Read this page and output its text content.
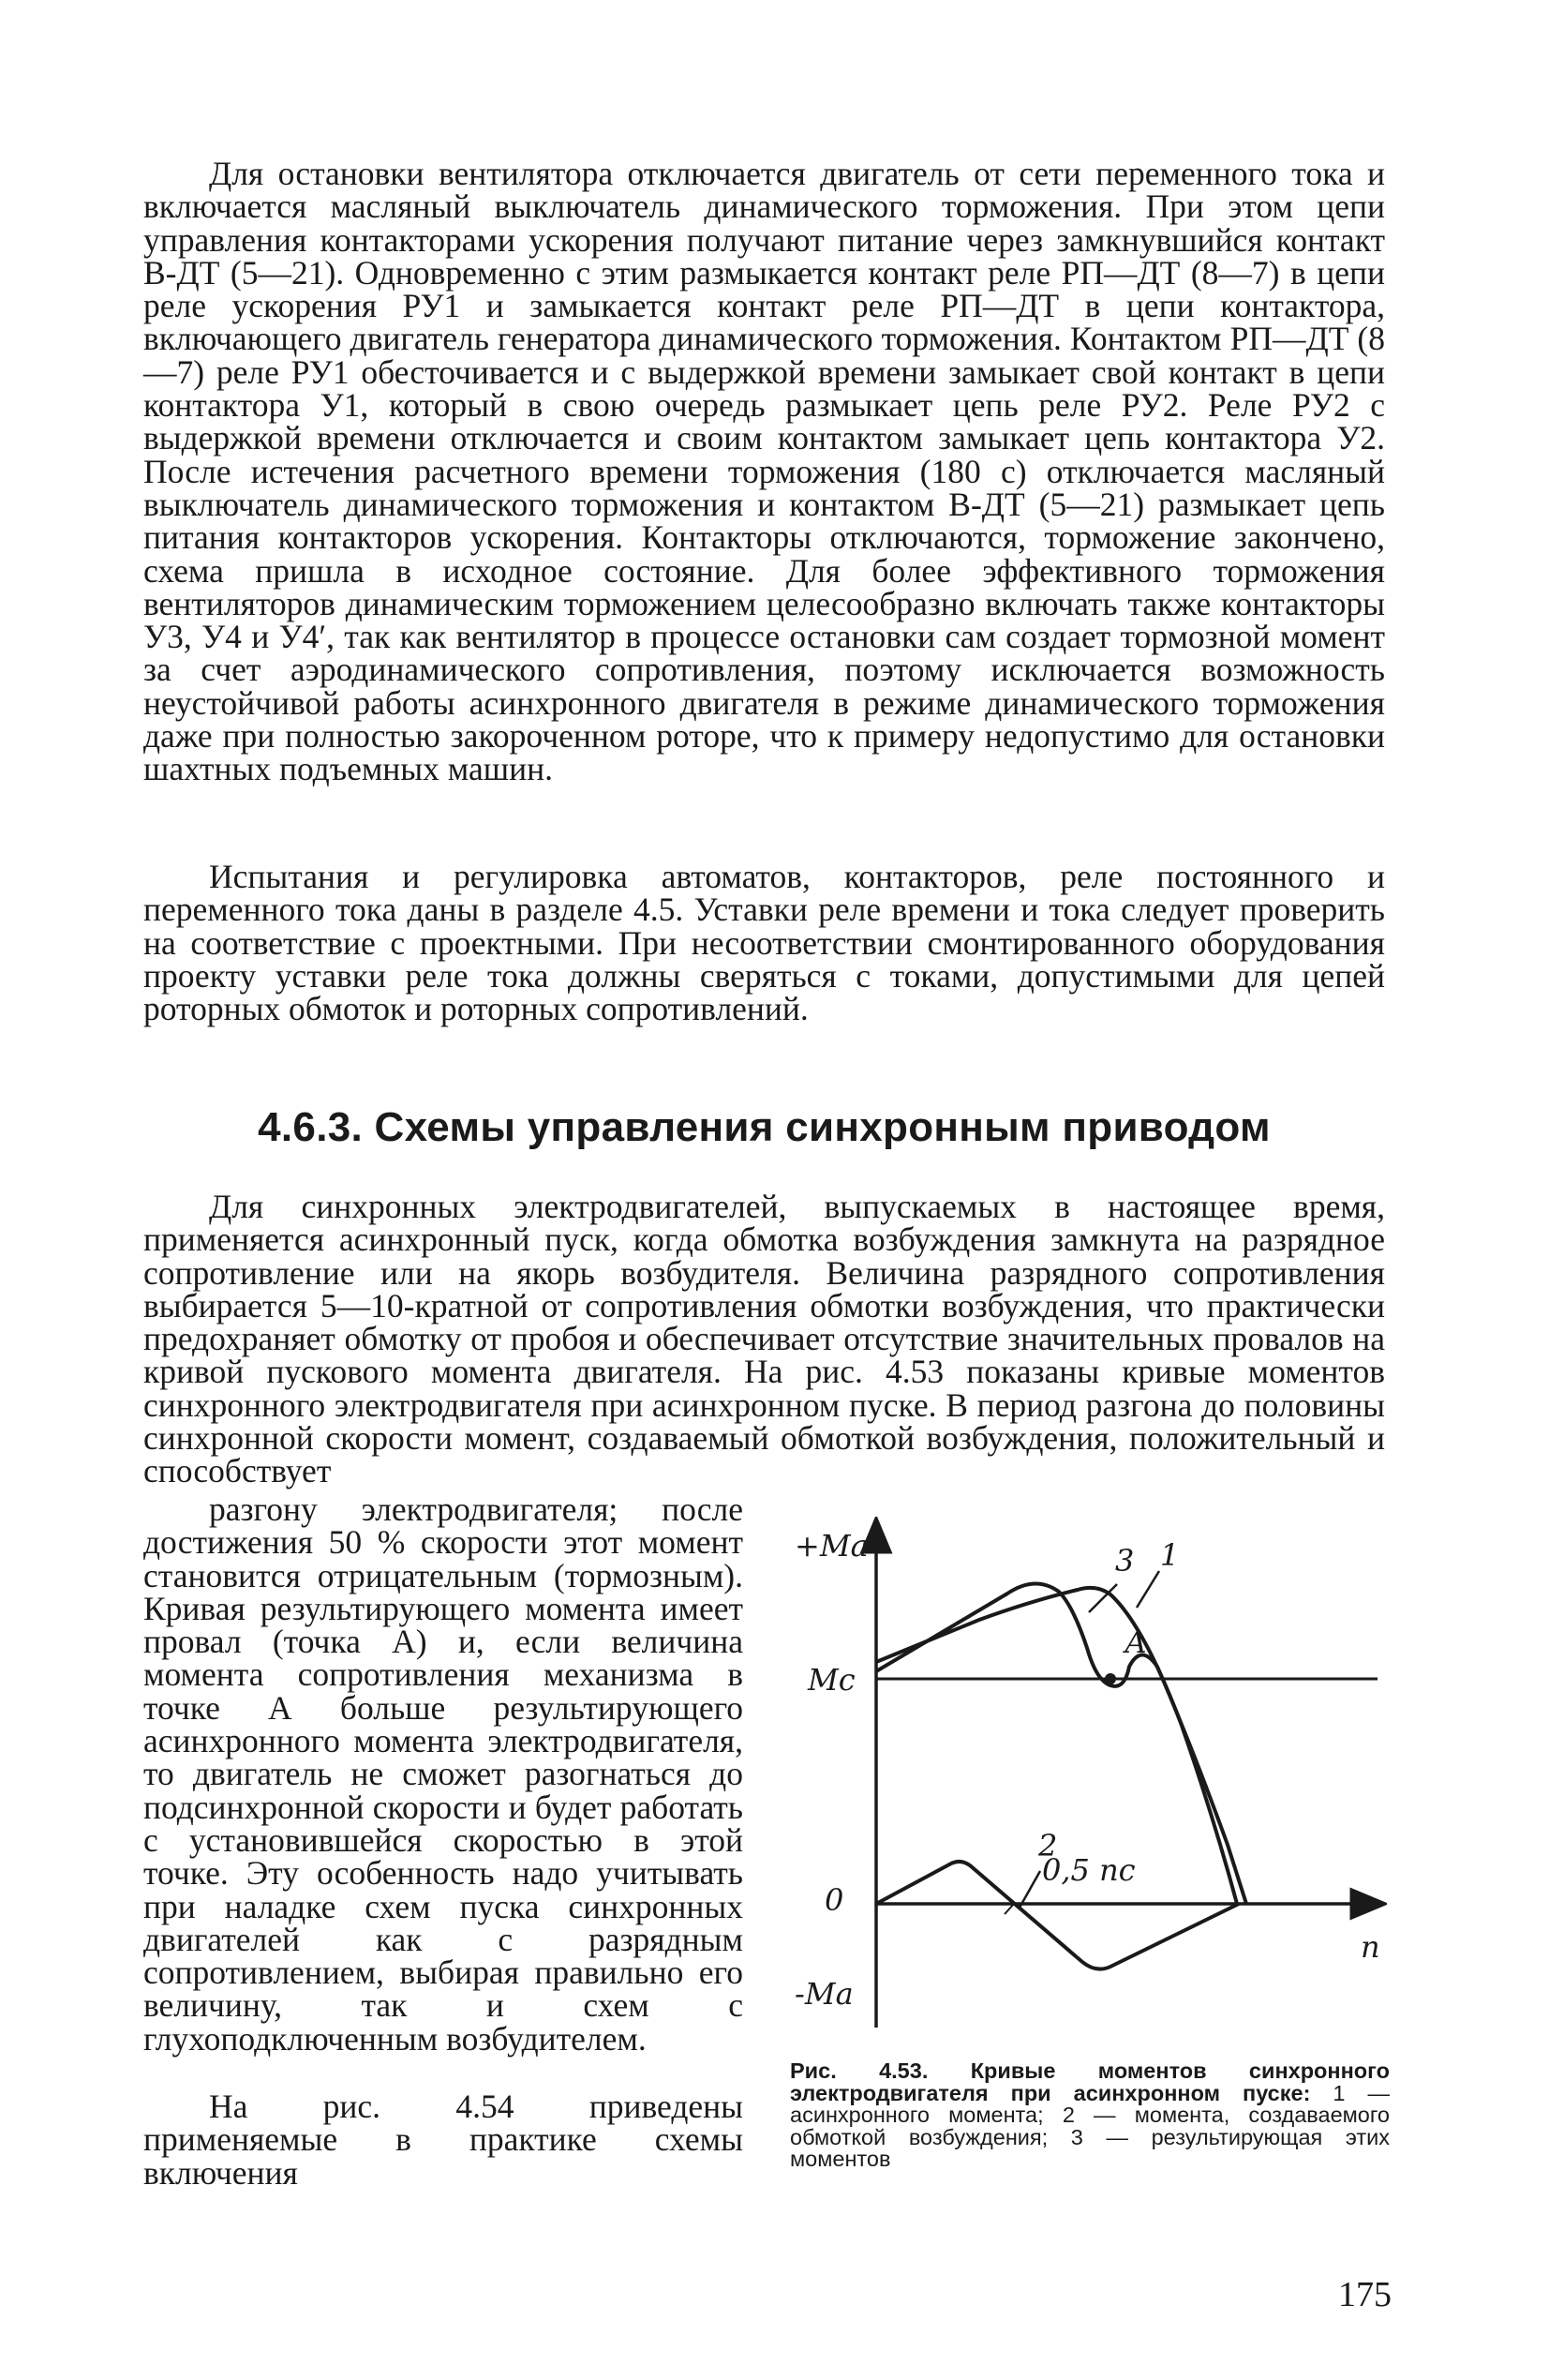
Для остановки вентилятора отключается двигатель от сети переменного тока и включается масляный выключатель динамического торможения. При этом цепи управления контакторами ускорения получают питание через замкнувшийся контакт В-ДТ (5—21). Одновременно с этим размыкается контакт реле РП—ДТ (8—7) в цепи реле ускорения РУ1 и замыкается контакт реле РП—ДТ в цепи контактора, включающего двигатель генератора динамического торможения. Контактом РП—ДТ (8—7) реле РУ1 обесточивается и с выдержкой времени замыкает свой контакт в цепи контактора У1, который в свою очередь размыкает цепь реле РУ2. Реле РУ2 с выдержкой времени отключается и своим контактом замыкает цепь контактора У2. После истечения расчетного времени торможения (180 с) отключается масляный выключатель динамического торможения и контактом В-ДТ (5—21) размыкает цепь питания контакторов ускорения. Контакторы отключаются, торможение закончено, схема пришла в исходное состояние. Для более эффективного торможения вентиляторов динамическим торможением целесообразно включать также контакторы У3, У4 и У4′, так как вентилятор в процессе остановки сам создает тормозной момент за счет аэродинамического сопротивления, поэтому исключается возможность неустойчивой работы асинхронного двигателя в режиме динамического торможения даже при полностью закороченном роторе, что к примеру недопустимо для остановки шахтных подъемных машин.

Испытания и регулировка автоматов, контакторов, реле постоянного и переменного тока даны в разделе 4.5. Уставки реле времени и тока следует проверить на соответствие с проектными. При несоответствии смонтированного оборудования проекту уставки реле тока должны сверяться с токами, допустимыми для цепей роторных обмоток и роторных сопротивлений.

4.6.3. Схемы управления синхронным приводом

Для синхронных электродвигателей, выпускаемых в настоящее время, применяется асинхронный пуск, когда обмотка возбуждения замкнута на разрядное сопротивление или на якорь возбудителя. Величина разрядного сопротивления выбирается 5—10-кратной от сопротивления обмотки возбуждения, что практически предохраняет обмотку от пробоя и обеспечивает отсутствие значительных провалов на кривой пускового момента двигателя. На рис. 4.53 показаны кривые моментов синхронного электродвигателя при асинхронном пуске. В период разгона до половины синхронной скорости момент, создаваемый обмоткой возбуждения, положительный и способствует

разгону электродвигателя; после достижения 50 % скорости этот момент становится отрицательным (тормозным). Кривая результирующего момента имеет провал (точка А) и, если величина момента сопротивления механизма в точке А больше результирующего асинхронного момента электродвигателя, то двигатель не сможет разогнаться до подсинхронной скорости и будет работать с установившейся скоростью в этой точке. Эту особенность надо учитывать при наладке схем пуска синхронных двигателей как с разрядным сопротивлением, выбирая правильно его величину, так и схем с глухоподключенным возбудителем.

На рис. 4.54 приведены применяемые в практике схемы включения

+Mа
Mс
0
-Mа
n
0,5 nс
А
1
2
3

Рис. 4.53. Кривые моментов синхронного электродвигателя при асинхронном пуске: 1 — асинхронного момента; 2 — момента, создаваемого обмоткой возбуждения; 3 — результирующая этих моментов

175
